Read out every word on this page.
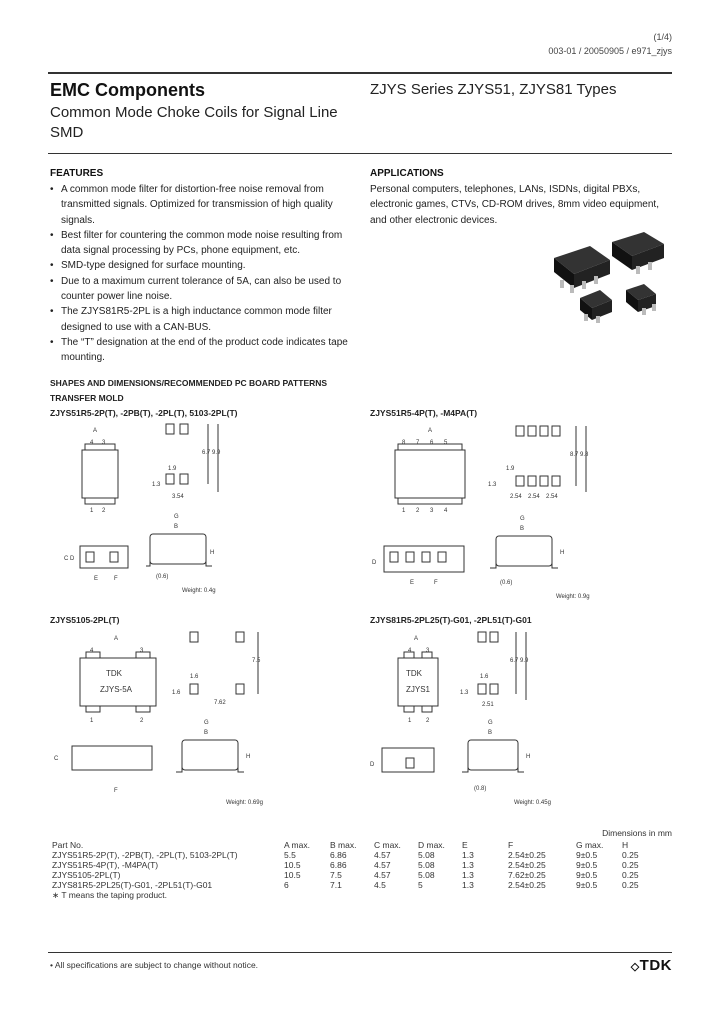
(1/4)
003-01 / 20050905 / e971_zjys
EMC Components
Common Mode Choke Coils for Signal Line
SMD
ZJYS Series ZJYS51, ZJYS81 Types
FEATURES
• A common mode filter for distortion-free noise removal from transmitted signals. Optimized for transmission of high quality signals.
• Best filter for countering the common mode noise resulting from data signal processing by PCs, phone equipment, etc.
• SMD-type designed for surface mounting.
• Due to a maximum current tolerance of 5A, can also be used to counter power line noise.
• The ZJYS81R5-2PL is a high inductance common mode filter designed to use with a CAN-BUS.
• The “T” designation at the end of the product code indicates tape mounting.
APPLICATIONS
Personal computers, telephones, LANs, ISDNs, digital PBXs, electronic games, CTVs, CD-ROM drives, 8mm video equipment, and other electronic devices.
SHAPES AND DIMENSIONS/RECOMMENDED PC BOARD PATTERNS
TRANSFER MOLD
ZJYS51R5-2P(T), -2PB(T), -2PL(T), 5103-2PL(T)
A
4 3
1 2
1.9
1.3
3.54
6.7 9.9
D
C
E	F
G
B
H
(0.6)
Weight: 0.4g
ZJYS51R5-4P(T), -M4PA(T)
A
8 7 6 5
1 2 3 4
1.9
1.3
2.54 2.54 2.54
8.7 9.8
D
E	F
G
B
H
(0.6)
Weight: 0.9g
ZJYS5105-2PL(T)
A
4	3
TDK
ZJYS-5A
1	2
1.6
1.6
7.62
7.5
C
F
G
B
H
Weight: 0.69g
ZJYS81R5-2PL25(T)-G01, -2PL51(T)-G01
A
4 3
TDK
ZJYS1
1 2
1.6
1.3
2.51
6.7 9.9
D
G
B
H
(0.8)
Weight: 0.45g
Dimensions in mm
Part No.	A max.	B max.	C max.	D max.	E	F	G max.	H
ZJYS51R5-2P(T), -2PB(T), -2PL(T), 5103-2PL(T)	5.5	6.86	4.57	5.08	1.3	2.54±0.25	9±0.5	0.25
ZJYS51R5-4P(T), -M4PA(T)	10.5	6.86	4.57	5.08	1.3	2.54±0.25	9±0.5	0.25
ZJYS5105-2PL(T)	10.5	7.5	4.57	5.08	1.3	7.62±0.25	9±0.5	0.25
ZJYS81R5-2PL25(T)-G01, -2PL51(T)-G01	6	7.1	4.5	5	1.3	2.54±0.25	9±0.5	0.25
∗ T means the taping product.								
• All specifications are subject to change without notice.	◇TDK
